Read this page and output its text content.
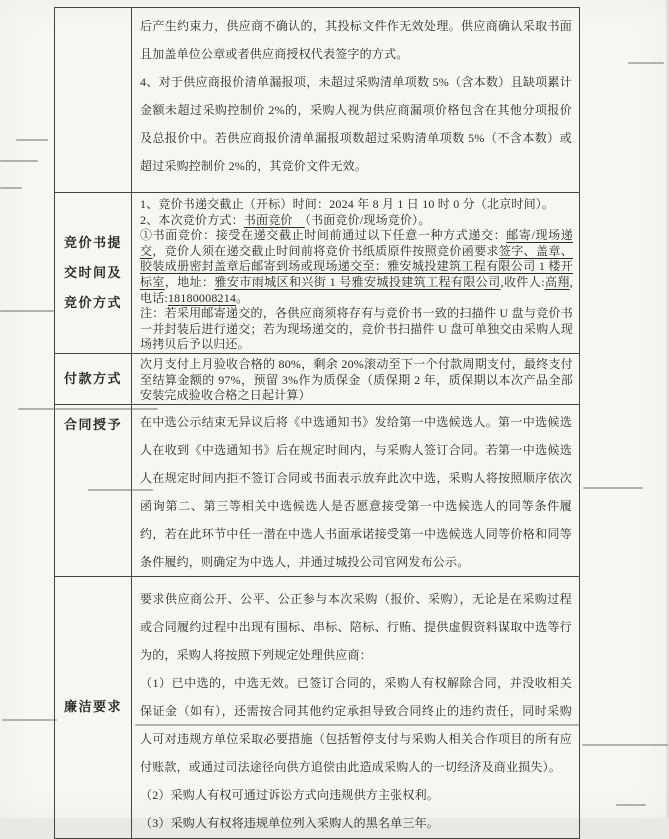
	后产生约束力，供应商不确认的，其投标文件作无效处理。供应商确认采取书面且加盖单位公章或者供应商授权代表签字的方式。

4、对于供应商报价清单漏报项，未超过采购清单项数 5%（含本数）且缺项累计金额未超过采购控制价 2%的，采购人视为供应商漏项价格包含在其他分项报价及总报价中。若供应商报价清单漏报项数超过采购清单项数 5%（不含本数）或超过采购控制价 2%的，其竞价文件无效。

竞价书提交时间及竞价方式	1、竞价书递交截止（开标）时间：2024 年 8 月 1 日 10 时 0 分（北京时间）。

2、本次竞价方式：书面竞价　（书面竞价/现场竞价）。

①书面竞价：接受在递交截止时间前通过以下任意一种方式递交：邮寄/现场递交，竞价人须在递交截止时间前将竞价书纸质原件按照竞价函要求签字、盖章、胶装成册密封盖章后邮寄到场或现场递交至：雅安城投建筑工程有限公司 1 楼开标室，地址：雅安市雨城区和兴街 1 号雅安城投建筑工程有限公司,收件人:高翔,电话:18180008214。

注：若采用邮寄递交的，各供应商须将存有与竞价书一致的扫描件 U 盘与竞价书一并封装后进行递交；若为现场递交的，竞价书扫描件 U 盘可单独交由采购人现场拷贝后予以归还。

付款方式	次月支付上月验收合格的 80%，剩余 20%滚动至下一个付款周期支付，最终支付至结算金额的 97%，预留 3%作为质保金（质保期 2 年，质保期以本次产品全部安装完成验收合格之日起计算）

合同授予	在中选公示结束无异议后将《中选通知书》发给第一中选候选人。第一中选候选人在收到《中选通知书》后在规定时间内，与采购人签订合同。若第一中选候选人在规定时间内拒不签订合同或书面表示放弃此次中选，采购人将按照顺序依次函询第二、第三等相关中选候选人是否愿意接受第一中选候选人的同等条件履约，若在此环节中任一潜在中选人书面承诺接受第一中选候选人同等价格和同等条件履约，则确定为中选人，并通过城投公司官网发布公示。

廉洁要求	要求供应商公开、公平、公正参与本次采购（报价、采购），无论是在采购过程或合同履约过程中出现有围标、串标、陪标、行贿、提供虚假资料谋取中选等行为的，采购人将按照下列规定处理供应商：

（1）已中选的，中选无效。已签订合同的，采购人有权解除合同，并没收相关保证金（如有），还需按合同其他约定承担导致合同终止的违约责任，同时采购人可对违规方单位采取必要措施（包括暂停支付与采购人相关合作项目的所有应付账款，或通过司法途径向供方追偿由此造成采购人的一切经济及商业损失）。

（2）采购人有权可通过诉讼方式向违规供方主张权利。

（3）采购人有权将违规单位列入采购人的黑名单三年。
